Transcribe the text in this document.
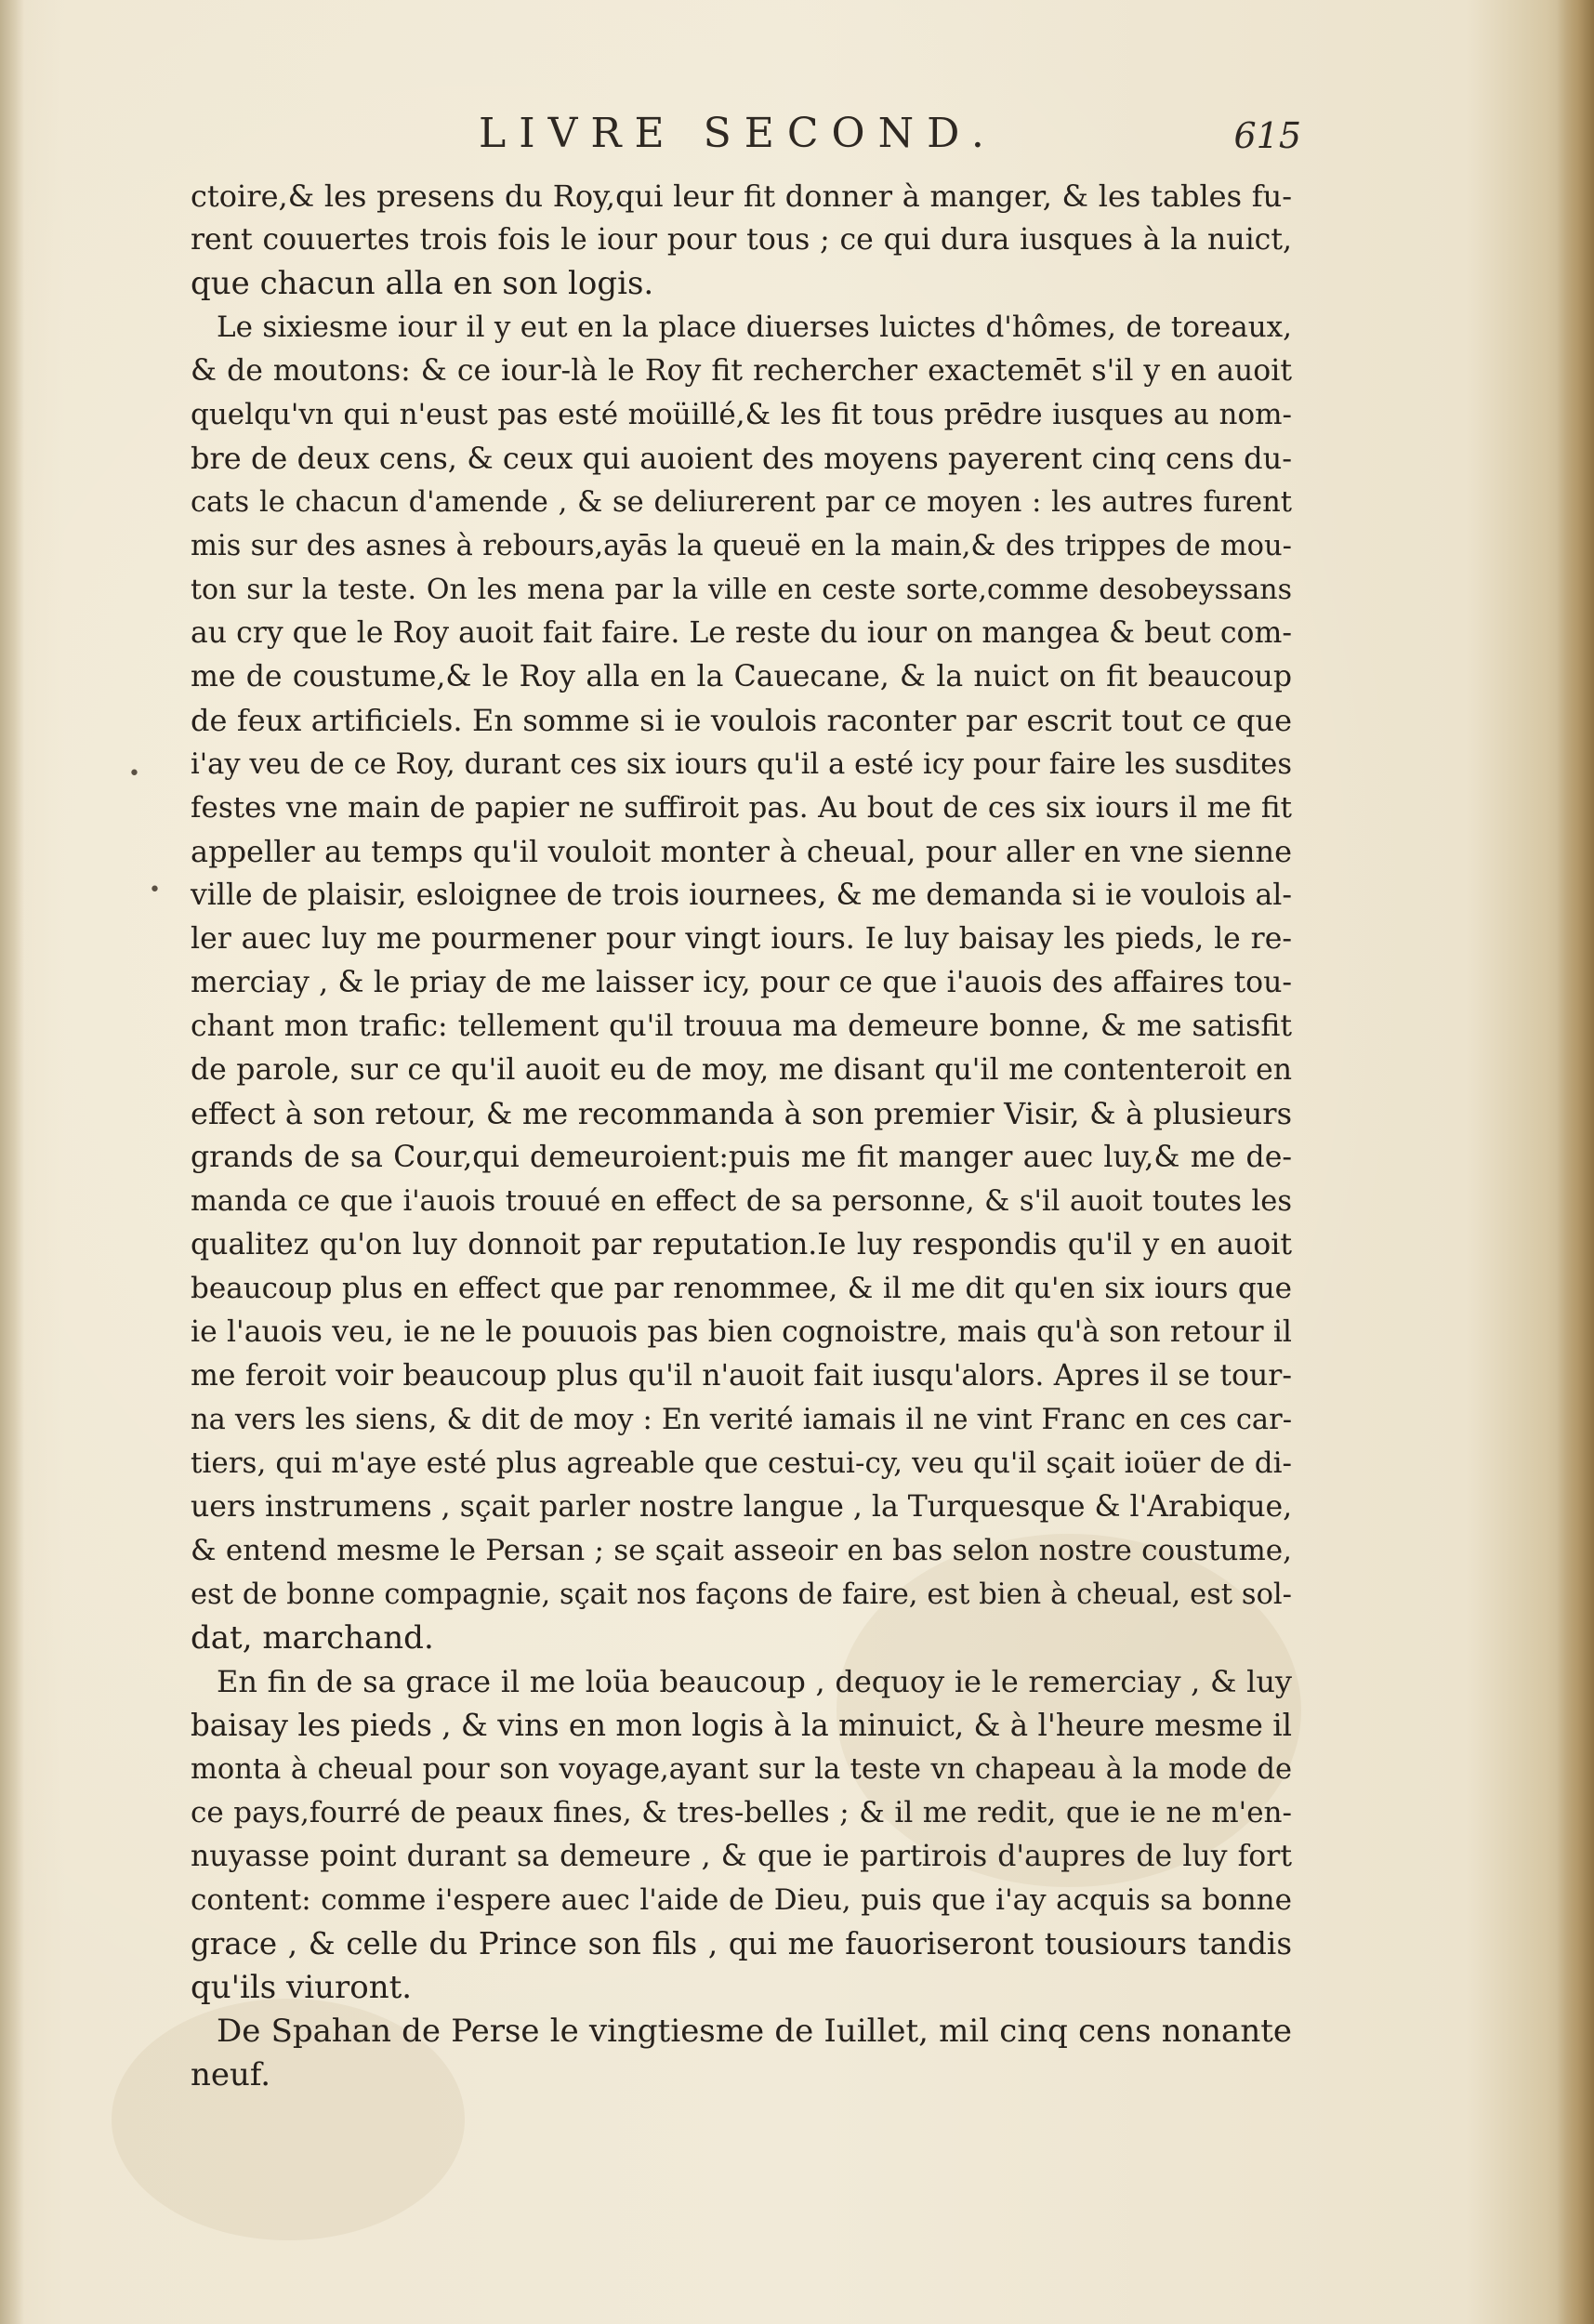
LIVRE SECOND.	615
•
•
ctoire,& les presens du Roy,qui leur fit donner à manger, & les tables fu-
rent couuertes trois fois le iour pour tous ; ce qui dura iusques à la nuict,
que chacun alla en son logis.
Le sixiesme iour il y eut en la place diuerses luictes d'hômes, de toreaux,
& de moutons: & ce iour-là le Roy fit rechercher exactemēt s'il y en auoit
quelqu'vn qui n'eust pas esté moüillé,& les fit tous prēdre iusques au nom-
bre de deux cens, & ceux qui auoient des moyens payerent cinq cens du-
cats le chacun d'amende , & se deliurerent par ce moyen : les autres furent
mis sur des asnes à rebours,ayās la queuë en la main,& des trippes de mou-
ton sur la teste. On les mena par la ville en ceste sorte,comme desobeyssans
au cry que le Roy auoit fait faire. Le reste du iour on mangea & beut com-
me de coustume,& le Roy alla en la Cauecane, & la nuict on fit beaucoup
de feux artificiels. En somme si ie voulois raconter par escrit tout ce que
i'ay veu de ce Roy, durant ces six iours qu'il a esté icy pour faire les susdites
festes vne main de papier ne suffiroit pas. Au bout de ces six iours il me fit
appeller au temps qu'il vouloit monter à cheual, pour aller en vne sienne
ville de plaisir, esloignee de trois iournees, & me demanda si ie voulois al-
ler auec luy me pourmener pour vingt iours. Ie luy baisay les pieds, le re-
merciay , & le priay de me laisser icy, pour ce que i'auois des affaires tou-
chant mon trafic: tellement qu'il trouua ma demeure bonne, & me satisfit
de parole, sur ce qu'il auoit eu de moy, me disant qu'il me contenteroit en
effect à son retour, & me recommanda à son premier Visir, & à plusieurs
grands de sa Cour,qui demeuroient:puis me fit manger auec luy,& me de-
manda ce que i'auois trouué en effect de sa personne, & s'il auoit toutes les
qualitez qu'on luy donnoit par reputation.Ie luy respondis qu'il y en auoit
beaucoup plus en effect que par renommee, & il me dit qu'en six iours que
ie l'auois veu, ie ne le pouuois pas bien cognoistre, mais qu'à son retour il
me feroit voir beaucoup plus qu'il n'auoit fait iusqu'alors. Apres il se tour-
na vers les siens, & dit de moy : En verité iamais il ne vint Franc en ces car-
tiers, qui m'aye esté plus agreable que cestui-cy, veu qu'il sçait ioüer de di-
uers instrumens , sçait parler nostre langue , la Turquesque & l'Arabique,
& entend mesme le Persan ; se sçait asseoir en bas selon nostre coustume,
est de bonne compagnie, sçait nos façons de faire, est bien à cheual, est sol-
dat, marchand.
En fin de sa grace il me loüa beaucoup , dequoy ie le remerciay , & luy
baisay les pieds , & vins en mon logis à la minuict, & à l'heure mesme il
monta à cheual pour son voyage,ayant sur la teste vn chapeau à la mode de
ce pays,fourré de peaux fines, & tres-belles ; & il me redit, que ie ne m'en-
nuyasse point durant sa demeure , & que ie partirois d'aupres de luy fort
content: comme i'espere auec l'aide de Dieu, puis que i'ay acquis sa bonne
grace , & celle du Prince son fils , qui me fauoriseront tousiours tandis
qu'ils viuront.
De Spahan de Perse le vingtiesme de Iuillet, mil cinq cens nonante
neuf.
